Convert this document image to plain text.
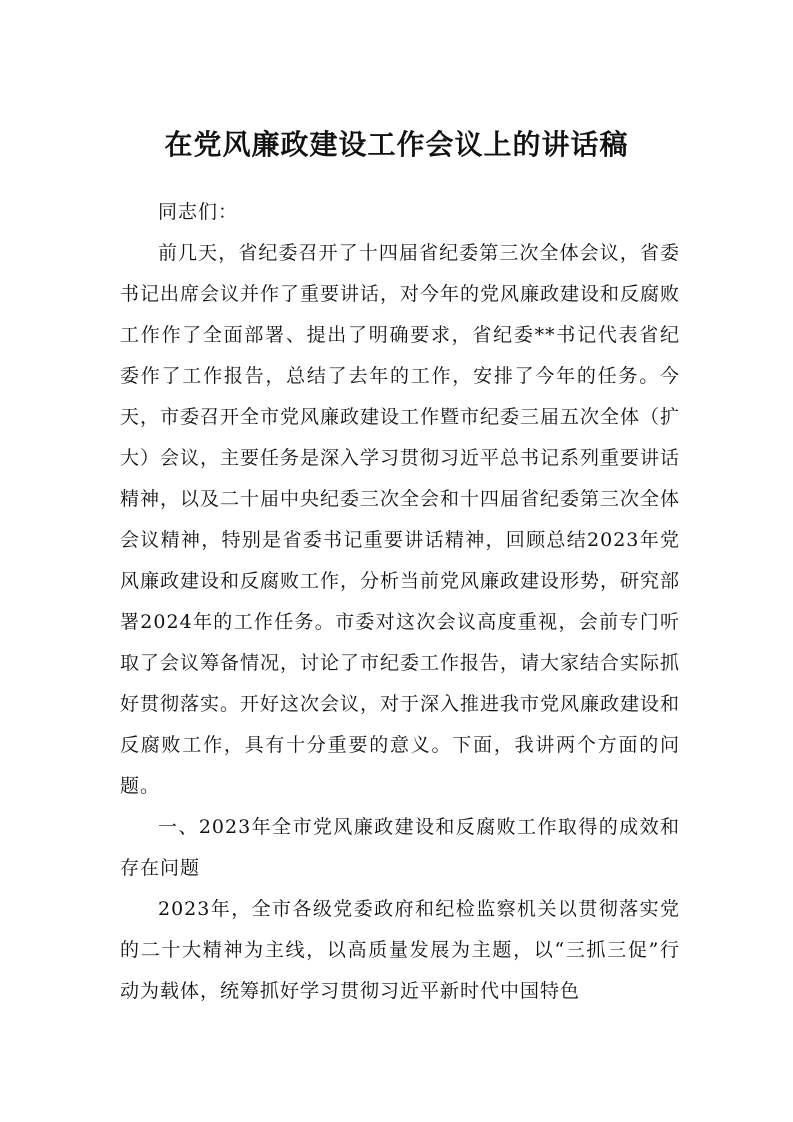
在党风廉政建设工作会议上的讲话稿

同志们：

前几天，省纪委召开了十四届省纪委第三次全体会议，省委书记出席会议并作了重要讲话，对今年的党风廉政建设和反腐败工作作了全面部署、提出了明确要求，省纪委**书记代表省纪委作了工作报告，总结了去年的工作，安排了今年的任务。今天，市委召开全市党风廉政建设工作暨市纪委三届五次全体（扩大）会议，主要任务是深入学习贯彻习近平总书记系列重要讲话精神，以及二十届中央纪委三次全会和十四届省纪委第三次全体会议精神，特别是省委书记重要讲话精神，回顾总结2023年党风廉政建设和反腐败工作，分析当前党风廉政建设形势，研究部署2024年的工作任务。市委对这次会议高度重视，会前专门听取了会议筹备情况，讨论了市纪委工作报告，请大家结合实际抓好贯彻落实。开好这次会议，对于深入推进我市党风廉政建设和反腐败工作，具有十分重要的意义。下面，我讲两个方面的问题。

一、2023年全市党风廉政建设和反腐败工作取得的成效和存在问题

2023年，全市各级党委政府和纪检监察机关以贯彻落实党的二十大精神为主线，以高质量发展为主题，以“三抓三促”行动为载体，统筹抓好学习贯彻习近平新时代中国特色
